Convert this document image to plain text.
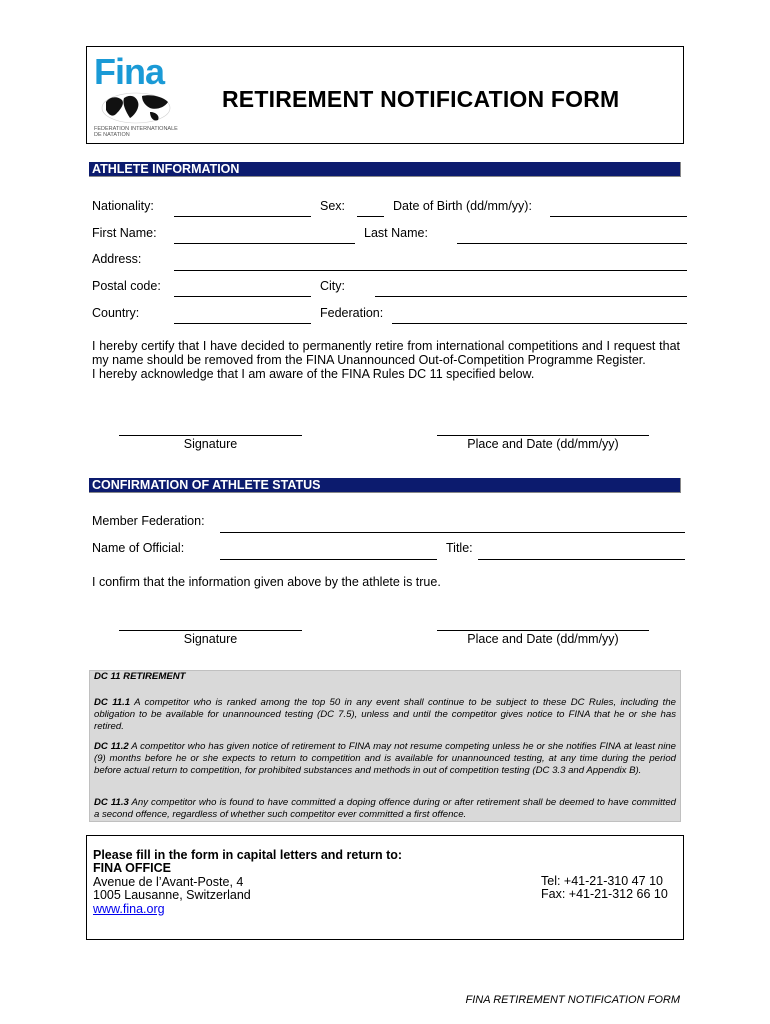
Fina
FEDERATION INTERNATIONALE DE NATATION
RETIREMENT NOTIFICATION FORM
ATHLETE INFORMATION
Nationality:	Sex:	Date of Birth (dd/mm/yy):
First Name:	Last Name:
Address:
Postal code:	City:
Country:	Federation:

I hereby certify that I have decided to permanently retire from international competitions and I request that my name should be removed from the FINA Unannounced Out-of-Competition Programme Register.

I hereby acknowledge that I am aware of the FINA Rules DC 11 specified below.

Signature	Place and Date (dd/mm/yy)
CONFIRMATION OF ATHLETE STATUS
Member Federation:
Name of Official:	Title:
I confirm that the information given above by the athlete is true.
Signature	Place and Date (dd/mm/yy)
DC 11 RETIREMENT
DC 11.1 A competitor who is ranked among the top 50 in any event shall continue to be subject to these DC Rules, including the obligation to be available for unannounced testing (DC 7.5), unless and until the competitor gives notice to FINA that he or she has retired.
DC 11.2 A competitor who has given notice of retirement to FINA may not resume competing unless he or she notifies FINA at least nine (9) months before he or she expects to return to competition and is available for unannounced testing, at any time during the period before actual return to competition, for prohibited substances and methods in out of competition testing (DC 3.3 and Appendix B).
DC 11.3 Any competitor who is found to have committed a doping offence during or after retirement shall be deemed to have committed a second offence, regardless of whether such competitor ever committed a first offence.
Please fill in the form in capital letters and return to:
FINA OFFICE
Avenue de l’Avant-Poste, 4
1005 Lausanne, Switzerland
www.fina.org
Tel: +41-21-310 47 10
Fax: +41-21-312 66 10
FINA RETIREMENT NOTIFICATION FORM
